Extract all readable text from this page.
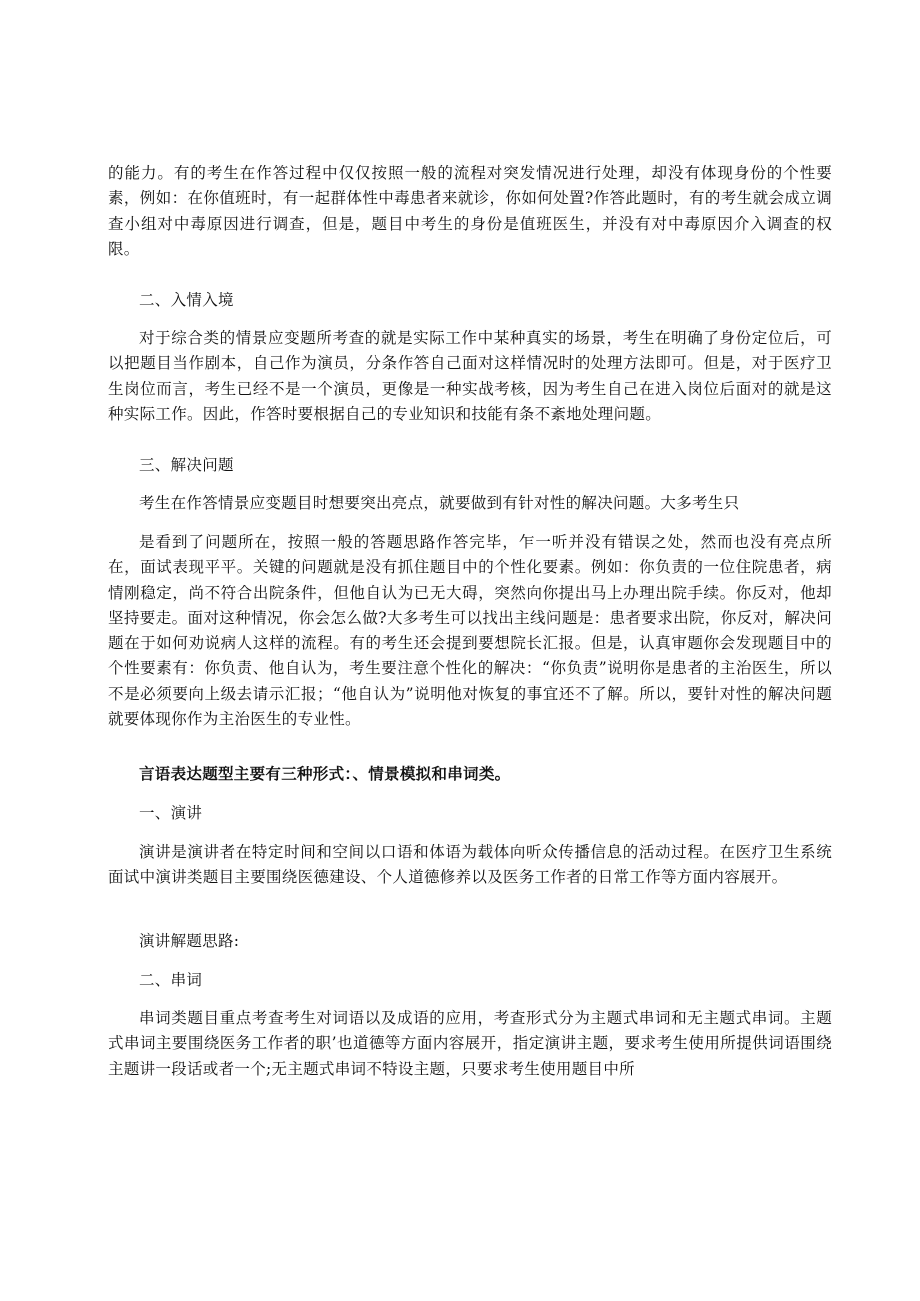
的能力。有的考生在作答过程中仅仅按照一般的流程对突发情况进行处理，却没有体现身份的个性要素，例如：在你值班时，有一起群体性中毒患者来就诊，你如何处置?作答此题时，有的考生就会成立调查小组对中毒原因进行调查，但是，题目中考生的身份是值班医生，并没有对中毒原因介入调查的权限。

二、入情入境

对于综合类的情景应变题所考查的就是实际工作中某种真实的场景，考生在明确了身份定位后，可以把题目当作剧本，自己作为演员，分条作答自己面对这样情况时的处理方法即可。但是，对于医疗卫生岗位而言，考生已经不是一个演员，更像是一种实战考核，因为考生自己在进入岗位后面对的就是这种实际工作。因此，作答时要根据自己的专业知识和技能有条不紊地处理问题。

三、解决问题

考生在作答情景应变题目时想要突出亮点，就要做到有针对性的解决问题。大多考生只

是看到了问题所在，按照一般的答题思路作答完毕，乍一听并没有错误之处，然而也没有亮点所在，面试表现平平。关键的问题就是没有抓住题目中的个性化要素。例如：你负责的一位住院患者，病情刚稳定，尚不符合出院条件，但他自认为已无大碍，突然向你提出马上办理出院手续。你反对，他却坚持要走。面对这种情况，你会怎么做?大多考生可以找出主线问题是：患者要求出院，你反对，解决问题在于如何劝说病人这样的流程。有的考生还会提到要想院长汇报。但是，认真审题你会发现题目中的个性要素有：你负责、他自认为，考生要注意个性化的解决：“你负责”说明你是患者的主治医生，所以不是必须要向上级去请示汇报；“他自认为”说明他对恢复的事宜还不了解。所以，要针对性的解决问题就要体现你作为主治医生的专业性。

言语表达题型主要有三种形式：、情景模拟和串词类。

一、演讲

演讲是演讲者在特定时间和空间以口语和体语为载体向听众传播信息的活动过程。在医疗卫生系统面试中演讲类题目主要围绕医德建设、个人道德修养以及医务工作者的日常工作等方面内容展开。

演讲解题思路:

二、串词

串词类题目重点考查考生对词语以及成语的应用，考查形式分为主题式串词和无主题式串词。主题式串词主要围绕医务工作者的职’也道德等方面内容展开，指定演讲主题，要求考生使用所提供词语围绕主题讲一段话或者一个;无主题式串词不特设主题，只要求考生使用题目中所
